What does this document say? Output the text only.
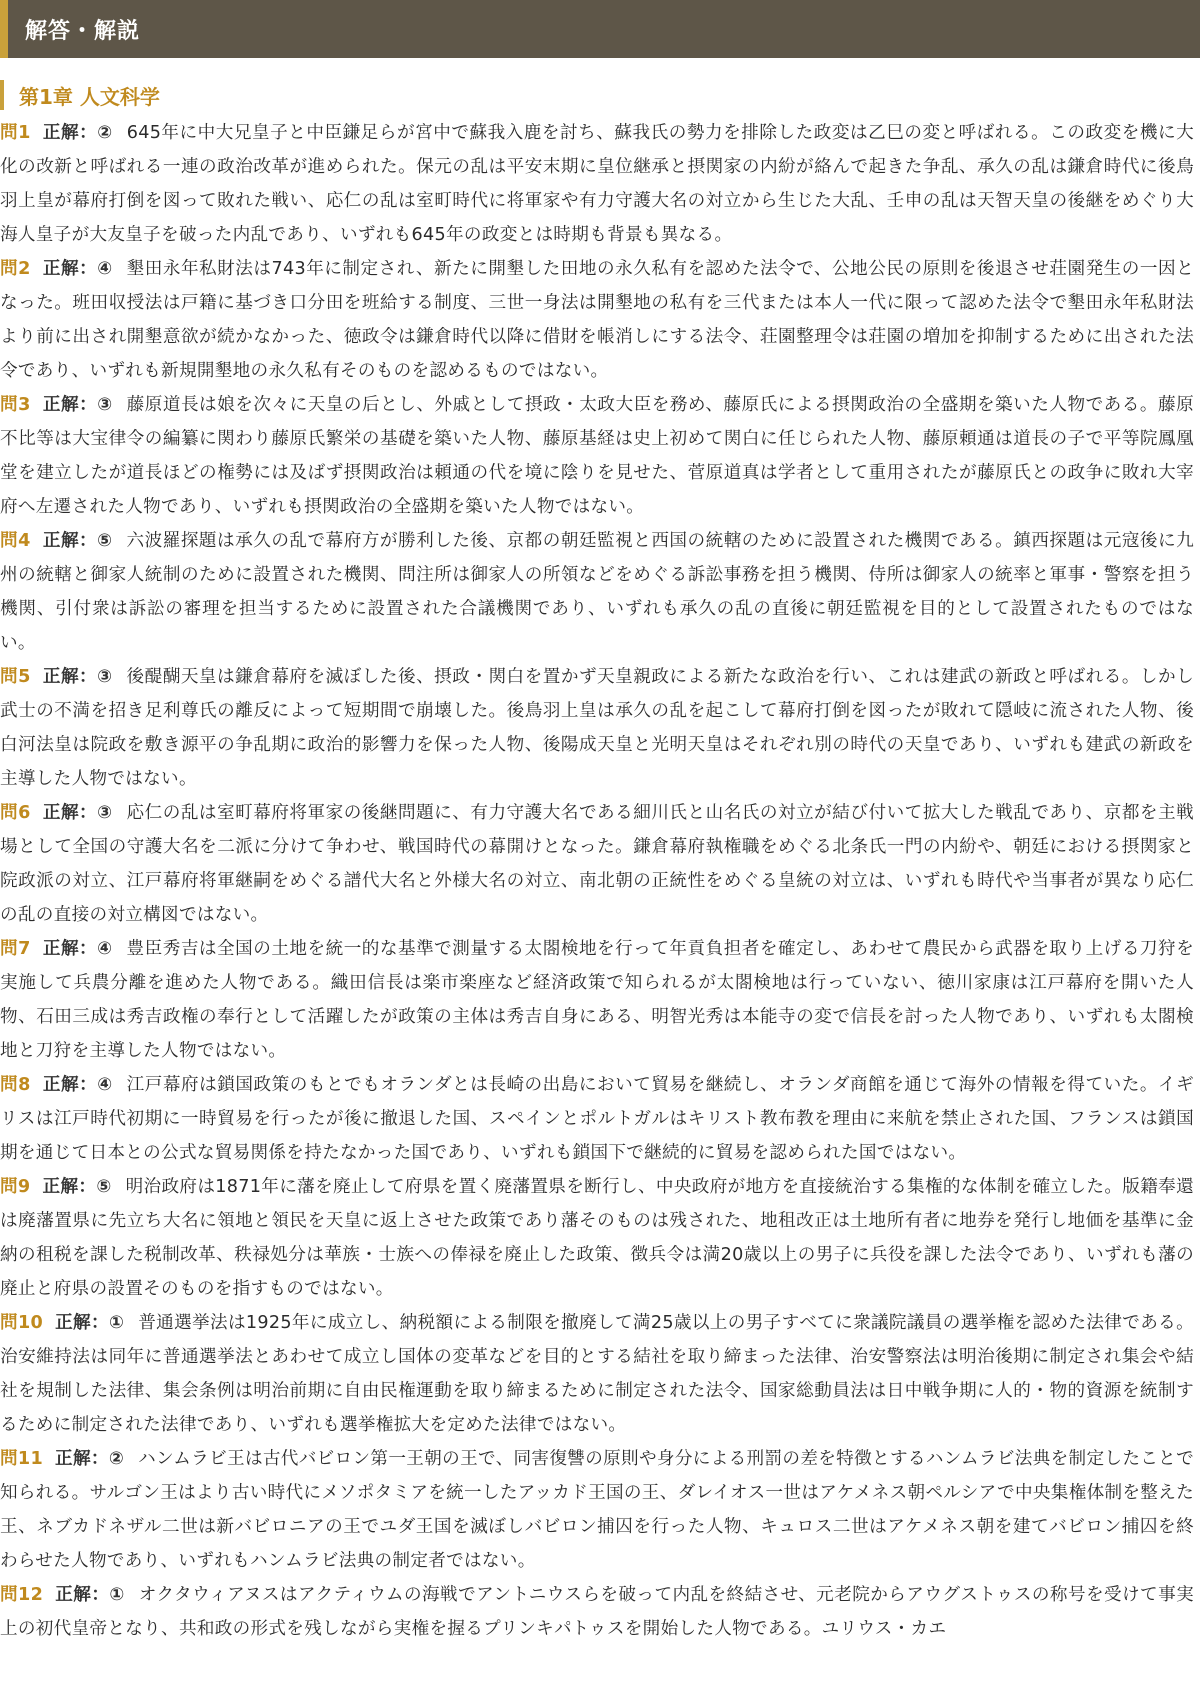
解答・解説
第1章 人文科学

問1 正解：② 645年に中大兄皇子と中臣鎌足らが宮中で蘇我入鹿を討ち、蘇我氏の勢力を排除した政変は乙巳の変と呼ばれる。この政変を機に大化の改新と呼ばれる一連の政治改革が進められた。保元の乱は平安末期に皇位継承と摂関家の内紛が絡んで起きた争乱、承久の乱は鎌倉時代に後鳥羽上皇が幕府打倒を図って敗れた戦い、応仁の乱は室町時代に将軍家や有力守護大名の対立から生じた大乱、壬申の乱は天智天皇の後継をめぐり大海人皇子が大友皇子を破った内乱であり、いずれも645年の政変とは時期も背景も異なる。

問2 正解：④ 墾田永年私財法は743年に制定され、新たに開墾した田地の永久私有を認めた法令で、公地公民の原則を後退させ荘園発生の一因となった。班田収授法は戸籍に基づき口分田を班給する制度、三世一身法は開墾地の私有を三代または本人一代に限って認めた法令で墾田永年私財法より前に出され開墾意欲が続かなかった、徳政令は鎌倉時代以降に借財を帳消しにする法令、荘園整理令は荘園の増加を抑制するために出された法令であり、いずれも新規開墾地の永久私有そのものを認めるものではない。

問3 正解：③ 藤原道長は娘を次々に天皇の后とし、外戚として摂政・太政大臣を務め、藤原氏による摂関政治の全盛期を築いた人物である。藤原不比等は大宝律令の編纂に関わり藤原氏繁栄の基礎を築いた人物、藤原基経は史上初めて関白に任じられた人物、藤原頼通は道長の子で平等院鳳凰堂を建立したが道長ほどの権勢には及ばず摂関政治は頼通の代を境に陰りを見せた、菅原道真は学者として重用されたが藤原氏との政争に敗れ大宰府へ左遷された人物であり、いずれも摂関政治の全盛期を築いた人物ではない。

問4 正解：⑤ 六波羅探題は承久の乱で幕府方が勝利した後、京都の朝廷監視と西国の統轄のために設置された機関である。鎮西探題は元寇後に九州の統轄と御家人統制のために設置された機関、問注所は御家人の所領などをめぐる訴訟事務を担う機関、侍所は御家人の統率と軍事・警察を担う機関、引付衆は訴訟の審理を担当するために設置された合議機関であり、いずれも承久の乱の直後に朝廷監視を目的として設置されたものではない。

問5 正解：③ 後醍醐天皇は鎌倉幕府を滅ぼした後、摂政・関白を置かず天皇親政による新たな政治を行い、これは建武の新政と呼ばれる。しかし武士の不満を招き足利尊氏の離反によって短期間で崩壊した。後鳥羽上皇は承久の乱を起こして幕府打倒を図ったが敗れて隠岐に流された人物、後白河法皇は院政を敷き源平の争乱期に政治的影響力を保った人物、後陽成天皇と光明天皇はそれぞれ別の時代の天皇であり、いずれも建武の新政を主導した人物ではない。

問6 正解：③ 応仁の乱は室町幕府将軍家の後継問題に、有力守護大名である細川氏と山名氏の対立が結び付いて拡大した戦乱であり、京都を主戦場として全国の守護大名を二派に分けて争わせ、戦国時代の幕開けとなった。鎌倉幕府執権職をめぐる北条氏一門の内紛や、朝廷における摂関家と院政派の対立、江戸幕府将軍継嗣をめぐる譜代大名と外様大名の対立、南北朝の正統性をめぐる皇統の対立は、いずれも時代や当事者が異なり応仁の乱の直接の対立構図ではない。

問7 正解：④ 豊臣秀吉は全国の土地を統一的な基準で測量する太閤検地を行って年貢負担者を確定し、あわせて農民から武器を取り上げる刀狩を実施して兵農分離を進めた人物である。織田信長は楽市楽座など経済政策で知られるが太閤検地は行っていない、徳川家康は江戸幕府を開いた人物、石田三成は秀吉政権の奉行として活躍したが政策の主体は秀吉自身にある、明智光秀は本能寺の変で信長を討った人物であり、いずれも太閤検地と刀狩を主導した人物ではない。

問8 正解：④ 江戸幕府は鎖国政策のもとでもオランダとは長崎の出島において貿易を継続し、オランダ商館を通じて海外の情報を得ていた。イギリスは江戸時代初期に一時貿易を行ったが後に撤退した国、スペインとポルトガルはキリスト教布教を理由に来航を禁止された国、フランスは鎖国期を通じて日本との公式な貿易関係を持たなかった国であり、いずれも鎖国下で継続的に貿易を認められた国ではない。

問9 正解：⑤ 明治政府は1871年に藩を廃止して府県を置く廃藩置県を断行し、中央政府が地方を直接統治する集権的な体制を確立した。版籍奉還は廃藩置県に先立ち大名に領地と領民を天皇に返上させた政策であり藩そのものは残された、地租改正は土地所有者に地券を発行し地価を基準に金納の租税を課した税制改革、秩禄処分は華族・士族への俸禄を廃止した政策、徴兵令は満20歳以上の男子に兵役を課した法令であり、いずれも藩の廃止と府県の設置そのものを指すものではない。

問10 正解：① 普通選挙法は1925年に成立し、納税額による制限を撤廃して満25歳以上の男子すべてに衆議院議員の選挙権を認めた法律である。治安維持法は同年に普通選挙法とあわせて成立し国体の変革などを目的とする結社を取り締まった法律、治安警察法は明治後期に制定され集会や結社を規制した法律、集会条例は明治前期に自由民権運動を取り締まるために制定された法令、国家総動員法は日中戦争期に人的・物的資源を統制するために制定された法律であり、いずれも選挙権拡大を定めた法律ではない。

問11 正解：② ハンムラビ王は古代バビロン第一王朝の王で、同害復讐の原則や身分による刑罰の差を特徴とするハンムラビ法典を制定したことで知られる。サルゴン王はより古い時代にメソポタミアを統一したアッカド王国の王、ダレイオス一世はアケメネス朝ペルシアで中央集権体制を整えた王、ネブカドネザル二世は新バビロニアの王でユダ王国を滅ぼしバビロン捕囚を行った人物、キュロス二世はアケメネス朝を建てバビロン捕囚を終わらせた人物であり、いずれもハンムラビ法典の制定者ではない。

問12 正解：① オクタウィアヌスはアクティウムの海戦でアントニウスらを破って内乱を終結させ、元老院からアウグストゥスの称号を受けて事実上の初代皇帝となり、共和政の形式を残しながら実権を握るプリンキパトゥスを開始した人物である。ユリウス・カエ
